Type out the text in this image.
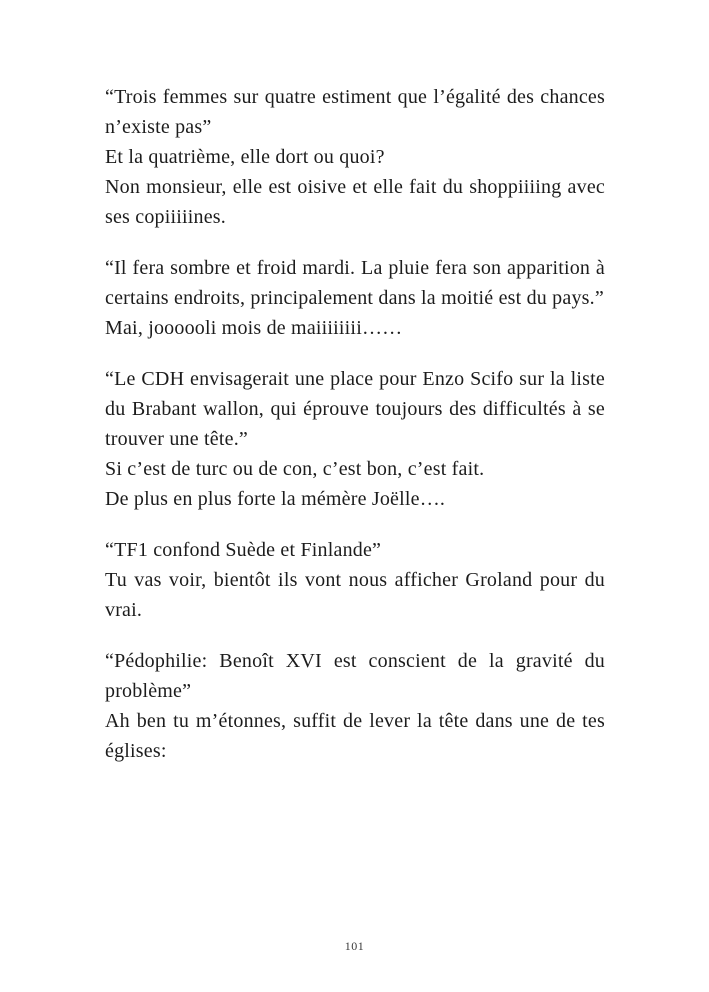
“Trois femmes sur quatre estiment que l’égalité des chances n’existe pas”

Et la quatrième, elle dort ou quoi?

Non monsieur, elle est oisive et elle fait du shoppiiiing avec ses copiiiiines.

“Il fera sombre et froid mardi. La pluie fera son apparition à certains endroits, principalement dans la moitié est du pays.”

Mai, joooooli mois de maiiiiiiii……

“Le CDH envisagerait une place pour Enzo Scifo sur la liste du Brabant wallon, qui éprouve toujours des difficultés à se trouver une tête.”

Si c’est de turc ou de con, c’est bon, c’est fait.

De plus en plus forte la mémère Joëlle….

“TF1 confond Suède et Finlande”

Tu vas voir, bientôt ils vont nous afficher Groland pour du vrai.

“Pédophilie: Benoît XVI est conscient de la gravité du problème”

Ah ben tu m’étonnes, suffit de lever la tête dans une de tes églises:

101
